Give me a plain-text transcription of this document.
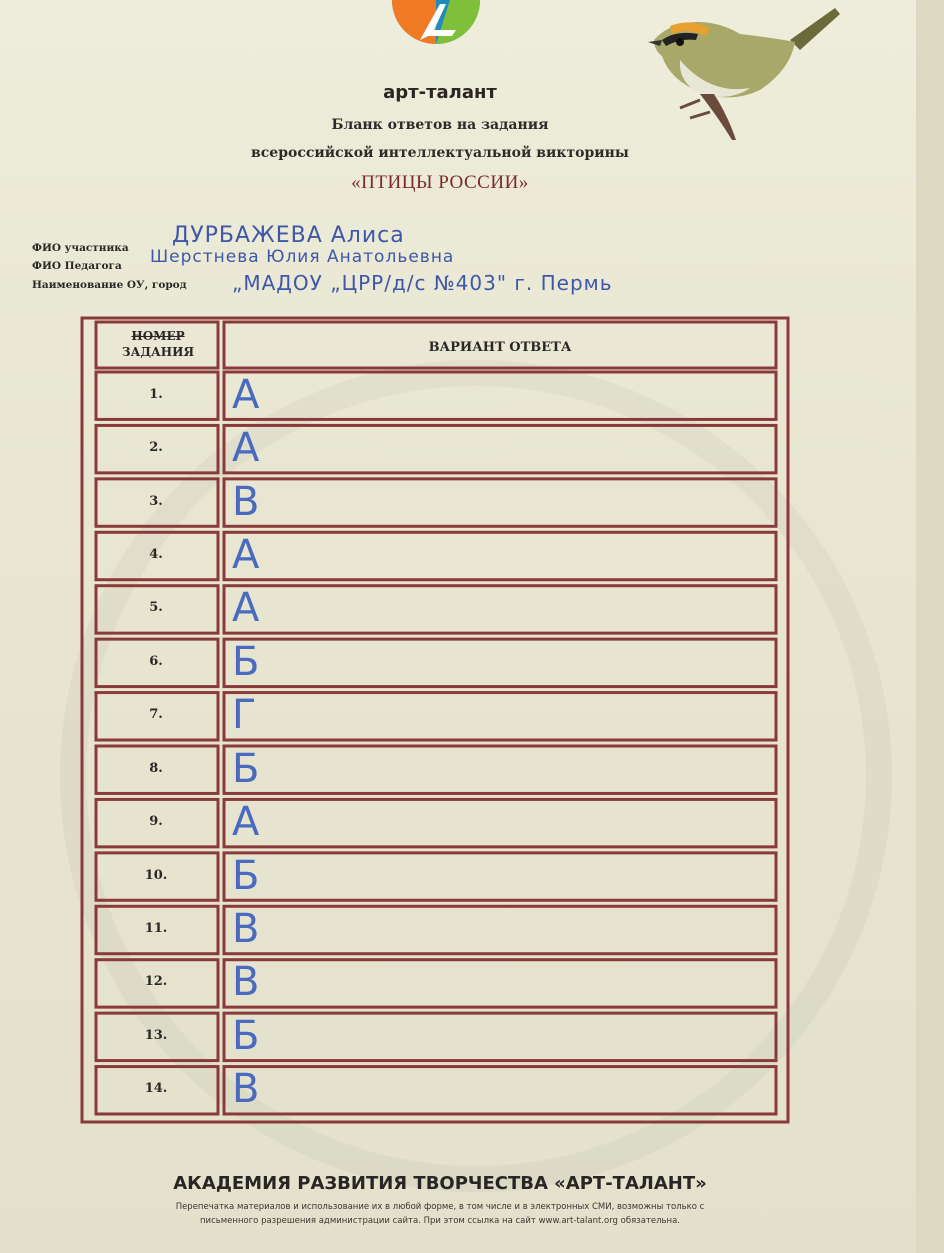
арт-талант
Бланк ответов на задания
всероссийской интеллектуальной викторины
«ПТИЦЫ РОССИИ»
ФИО участника ДУРБАЖЕВА Алиса
ФИО Педагога Шерстнева Юлия Анатольевна
Наименование ОУ, город „МАДОУ „ЦРР/д/с №403" г. Пермь
НОМЕР
ЗАДАНИЯ	ВАРИАНТ ОТВЕТА
1.	А
2.	А
3.	В
4.	А
5.	А
6.	Б
7.	Г
8.	Б
9.	А
10.	Б
11.	В
12.	В
13.	Б
14.	В
АКАДЕМИЯ РАЗВИТИЯ ТВОРЧЕСТВА «АРТ-ТАЛАНТ»
Перепечатка материалов и использование их в любой форме, в том числе и в электронных СМИ, возможны только с
письменного разрешения администрации сайта. При этом ссылка на сайт www.art-talant.org обязательна.
